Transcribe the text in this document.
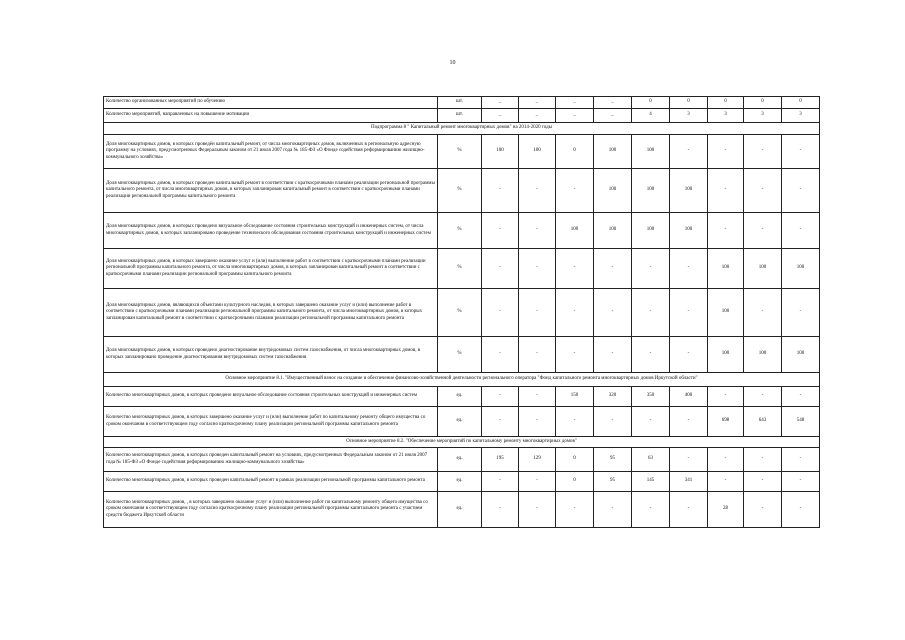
10
Количество организованных мероприятий по обучению	шт.	_	_	_	_	0	0	0	0	0
Количество мероприятий, направленных на повышение мотивации	шт.	_	_	_	_	4	3	3	3	3
Подпрограмма 8 " Капитальный ремонт многоквартирных домов" на 2014-2020 годы										
Доля многоквартирных домов, в которых проведён капитальный ремонт, от числа многоквартирных домов, включенных в региональную адресную программу на условиях, предусмотренных Федеральным законом от 21 июля 2007 года № 185-ФЗ «О Фонде содействия реформированию жилищно-коммунального хозяйства»	%	100	100	0	100	100	-	-	-	-
Доля многоквартирных домов, в которых проведен капитальный ремонт в соответствии с краткосрочными планами реализации региональной программы капитального ремонта, от числа многоквартирных домов, в которых запланирован капитальный ремонт в соответствии с краткосрочными планами реализации региональной программы капитального ремонта	%	-	-	-	100	100	100	-	-	-
Доля многоквартирных домов, в которых проведено визуальное обследование состояния строительных конструкций и инженерных систем, от числа многоквартирных домов, в которых запланировано проведение технического обследования состояния строительных конструкций и инженерных систем	%	-	-	100	100	100	100	-	-	-
Доля многоквартирных домов, в которых завершено оказание услуг и (или) выполнение работ в соответствии с краткосрочными планами реализации региональной программы капитального ремонта, от числа многоквартирных домов, в которых запланирован капитальный ремонт в соответствии с краткосрочными планами реализации региональной программы капитального ремонта	%	-	-	-	-	-	-	100	100	100
Доля многоквартирных домов, являющихся объектами культурного наследия, в которых завершено оказание услуг и (или) выполнение работ в соответствии с краткосрочными планами реализации региональной программы капитального ремонта, от числа многоквартирных домов, в которых запланирован капитальный ремонт в соответствии с краткосрочными планами реализации региональной программы капитального ремонта	%	-	-	-	-	-	-	100	-	-
Доля многоквартирных домов, в которых проведено диагностирование внутридомовых систем газоснабжения, от числа многоквартирных домов, в которых запланировано проведение диагностирования внутридомовых систем газоснабжения	%	-	-	-	-	-	-	100	100	100
Основное мероприятие 8.1. "Имущественный взнос на создание и обеспечение финансово-хозяйственной деятельности регионального оператора "Фонд капитального ремонта многоквартирных домов Иркутской области"										
Количество многоквартирных домов, в которых проведено визуальное обследование состояния строительных конструкций и инженерных систем	ед.	-	-	150	320	350	400	-	-	-
Количество многоквартирных домов, в которых завершено оказание услуг и (или) выполнение работ по капитальному ремонту общего имущества со сроком окончания в соответствующем году согласно краткосрочному плану реализации региональной программы капитального ремонта	ед.	-	-	-	-	-	-	698	643	548
Основное мероприятие 8.2. "Обеспечение мероприятий по капитальному ремонту многоквартирных домов"										
Количество многоквартирных домов, в которых проведен капитальный ремонт на условиях, предусмотренных Федеральным законом от 21 июля 2007 года № 185-ФЗ «О Фонде содействия реформированию жилищно-коммунального хозяйства»	ед.	195	129	0	95	63	-	-	-	-
Количество многоквартирных домов, в которых проведен капитальный ремонт в рамках реализации региональной программы капитального ремонта	ед.	-	-	0	95	145	341	-	-	-
Количество многоквартирных домов, , в которых завершено оказание услуг и (или) выполнение работ по капитальному ремонту общего имущества со сроком окончания в соответствующем году согласно краткосрочному плану реализации региональной программы капитального ремонта с участием средств бюджета Иркутской области	ед.	-	-	-	-	-	-	28	-	-
